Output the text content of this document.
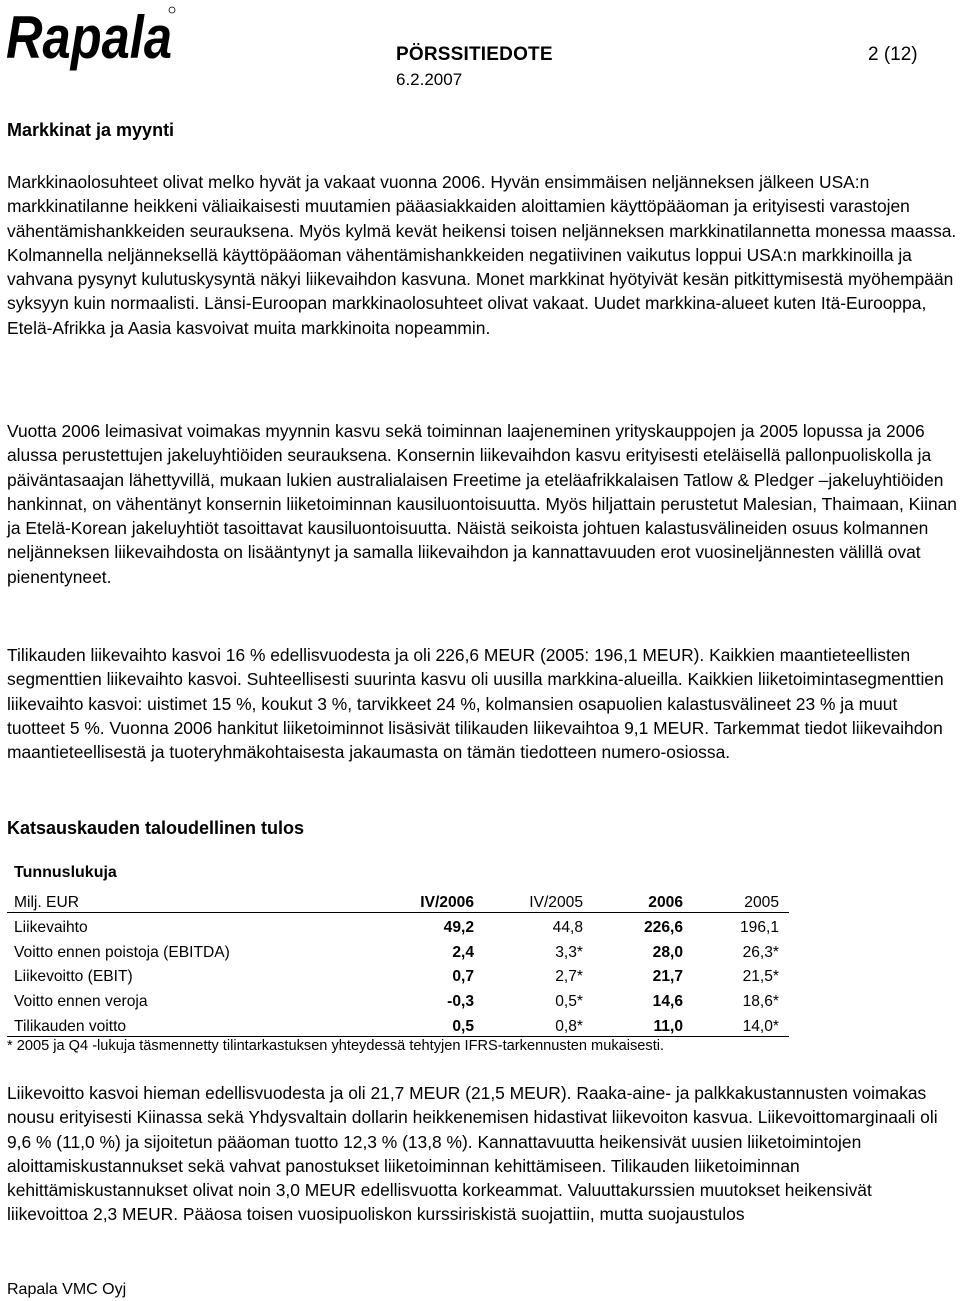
Rapala	PÖRSSITIEDOTE	2 (12)
6.2.2007
Markkinat ja myynti

Markkinaolosuhteet olivat melko hyvät ja vakaat vuonna 2006. Hyvän ensimmäisen neljänneksen jälkeen USA:n markkinatilanne heikkeni väliaikaisesti muutamien pääasiakkaiden aloittamien käyttöpääoman ja erityisesti varastojen vähentämishankkeiden seurauksena. Myös kylmä kevät heikensi toisen neljänneksen markkinatilannetta monessa maassa. Kolmannella neljänneksellä käyttöpääoman vähentämishankkeiden negatiivinen vaikutus loppui USA:n markkinoilla ja vahvana pysynyt kulutuskysyntä näkyi liikevaihdon kasvuna. Monet markkinat hyötyivät kesän pitkittymisestä myöhempään syksyyn kuin normaalisti. Länsi-Euroopan markkinaolosuhteet olivat vakaat. Uudet markkina-alueet kuten Itä-Eurooppa, Etelä-Afrikka ja Aasia kasvoivat muita markkinoita nopeammin.

Vuotta 2006 leimasivat voimakas myynnin kasvu sekä toiminnan laajeneminen yrityskauppojen ja 2005 lopussa ja 2006 alussa perustettujen jakeluyhtiöiden seurauksena. Konsernin liikevaihdon kasvu erityisesti eteläisellä pallonpuoliskolla ja päiväntasaajan lähettyvillä, mukaan lukien australialaisen Freetime ja eteläafrikkalaisen Tatlow & Pledger –jakeluyhtiöiden hankinnat, on vähentänyt konsernin liiketoiminnan kausiluontoisuutta. Myös hiljattain perustetut Malesian, Thaimaan, Kiinan ja Etelä-Korean jakeluyhtiöt tasoittavat kausiluontoisuutta. Näistä seikoista johtuen kalastusvälineiden osuus kolmannen neljänneksen liikevaihdosta on lisääntynyt ja samalla liikevaihdon ja kannattavuuden erot vuosineljännesten välillä ovat pienentyneet.

Tilikauden liikevaihto kasvoi 16 % edellisvuodesta ja oli 226,6 MEUR (2005: 196,1 MEUR). Kaikkien maantieteellisten segmenttien liikevaihto kasvoi. Suhteellisesti suurinta kasvu oli uusilla markkina-alueilla. Kaikkien liiketoimintasegmenttien liikevaihto kasvoi: uistimet 15 %, koukut 3 %, tarvikkeet 24 %, kolmansien osapuolien kalastusvälineet 23 % ja muut tuotteet 5 %. Vuonna 2006 hankitut liiketoiminnot lisäsivät tilikauden liikevaihtoa 9,1 MEUR. Tarkemmat tiedot liikevaihdon maantieteellisestä ja tuoteryhmäkohtaisesta jakaumasta on tämän tiedotteen numero-osiossa.

Katsauskauden taloudellinen tulos
Tunnuslukuja
Milj. EUR	IV/2006	IV/2005	2006	2005
Liikevaihto	49,2	44,8	226,6	196,1
Voitto ennen poistoja (EBITDA)	2,4	3,3*	28,0	26,3*
Liikevoitto (EBIT)	0,7	2,7*	21,7	21,5*
Voitto ennen veroja	-0,3	0,5*	14,6	18,6*
Tilikauden voitto	0,5	0,8*	11,0	14,0*
* 2005 ja Q4 -lukuja täsmennetty tilintarkastuksen yhteydessä tehtyjen IFRS-tarkennusten mukaisesti.

Liikevoitto kasvoi hieman edellisvuodesta ja oli 21,7 MEUR (21,5 MEUR). Raaka-aine- ja palkkakustannusten voimakas nousu erityisesti Kiinassa sekä Yhdysvaltain dollarin heikkenemisen hidastivat liikevoiton kasvua. Liikevoittomarginaali oli 9,6 % (11,0 %) ja sijoitetun pääoman tuotto 12,3 % (13,8 %). Kannattavuutta heikensivät uusien liiketoimintojen aloittamiskustannukset sekä vahvat panostukset liiketoiminnan kehittämiseen. Tilikauden liiketoiminnan kehittämiskustannukset olivat noin 3,0 MEUR edellisvuotta korkeammat. Valuuttakurssien muutokset heikensivät liikevoittoa 2,3 MEUR. Pääosa toisen vuosipuoliskon kurssiriskistä suojattiin, mutta suojaustulos

Rapala VMC Oyj
